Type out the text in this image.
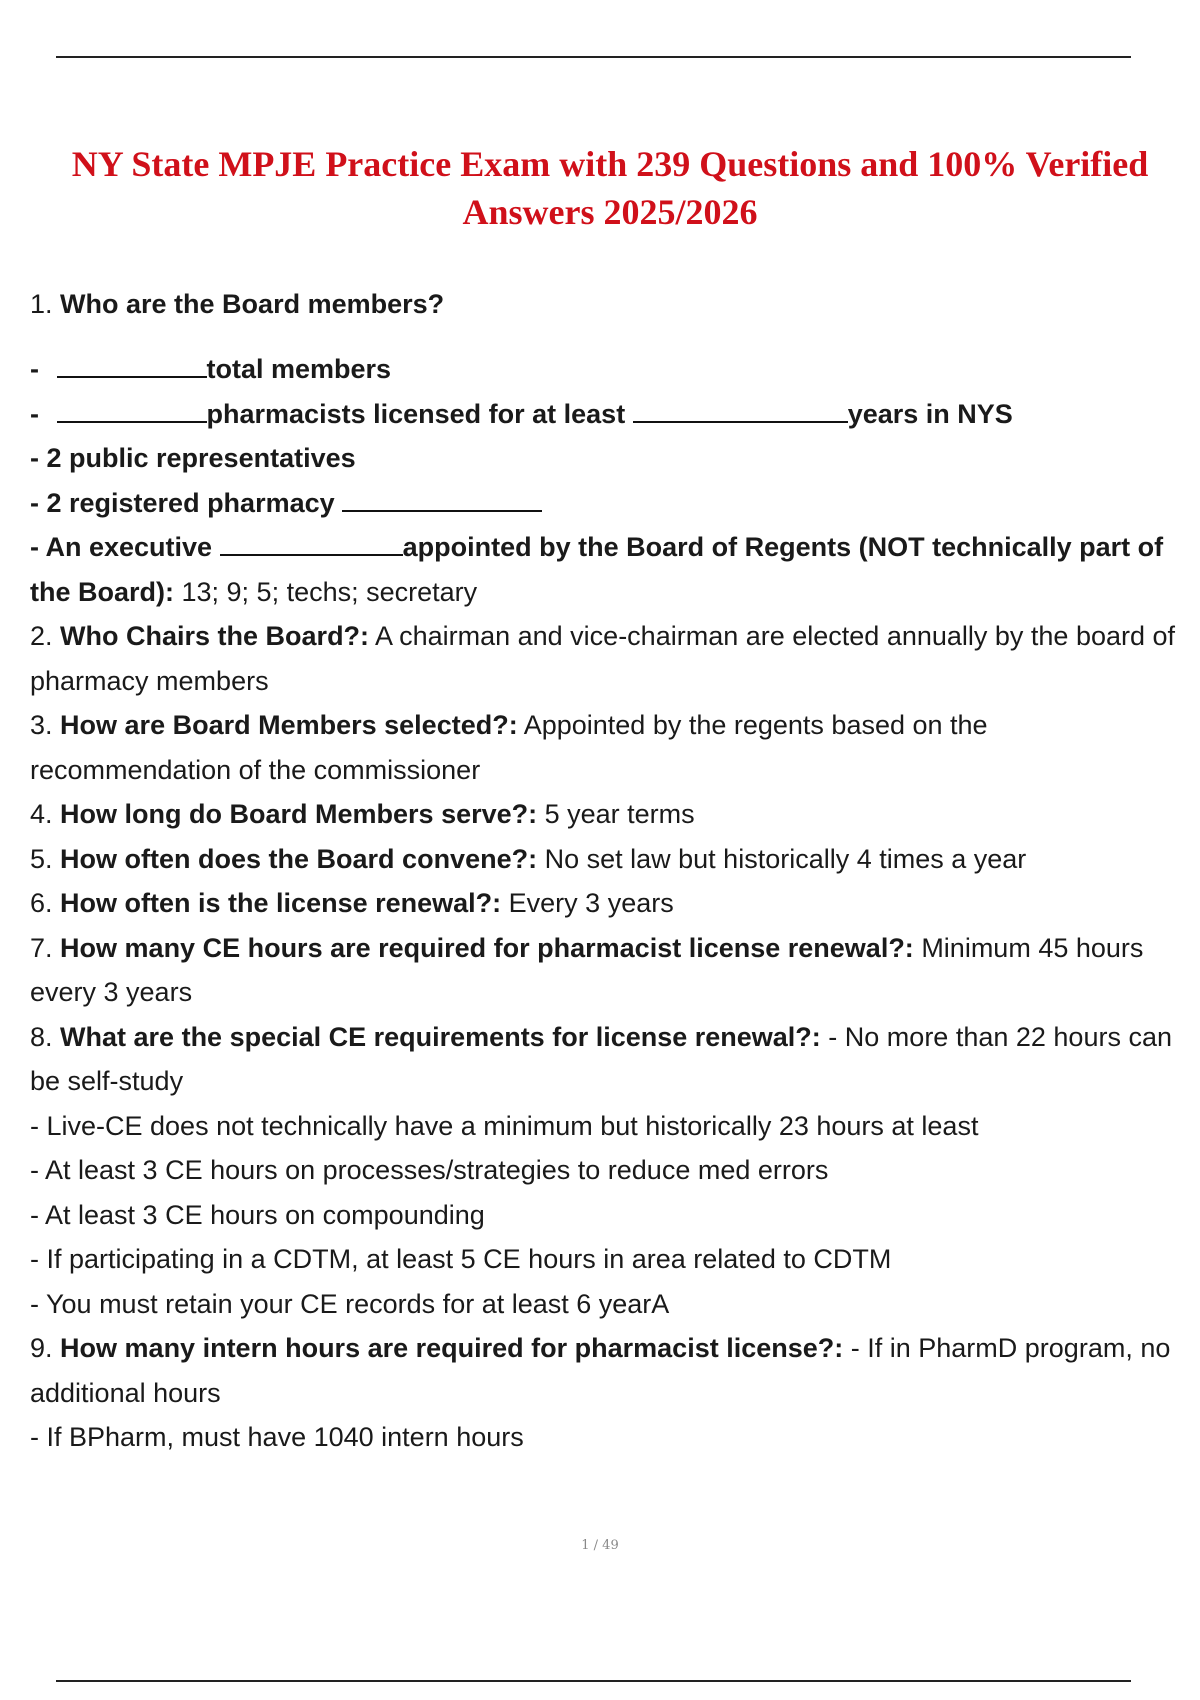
NY State MPJE Practice Exam with 239 Questions and 100% Verified
Answers 2025/2026
1. Who are the Board members?
-	total members
-	pharmacists licensed for at least	years in NYS
- 2 public representatives
- 2 registered pharmacy
- An executive	appointed by the Board of Regents (NOT technically part of
the Board): 13; 9; 5; techs; secretary
2. Who Chairs the Board?: A chairman and vice-chairman are elected annually by the board of pharmacy members
3. How are Board Members selected?: Appointed by the regents based on the recommendation of the commissioner
4. How long do Board Members serve?: 5 year terms
5. How often does the Board convene?: No set law but historically 4 times a year
6. How often is the license renewal?: Every 3 years
7. How many CE hours are required for pharmacist license renewal?: Minimum 45 hours every 3 years
8. What are the special CE requirements for license renewal?: - No more than 22 hours can be self-study
- Live-CE does not technically have a minimum but historically 23 hours at least
- At least 3 CE hours on processes/strategies to reduce med errors
- At least 3 CE hours on compounding
- If participating in a CDTM, at least 5 CE hours in area related to CDTM
- You must retain your CE records for at least 6 yearA
9. How many intern hours are required for pharmacist license?: - If in PharmD program, no additional hours
- If BPharm, must have 1040 intern hours
1 / 49
